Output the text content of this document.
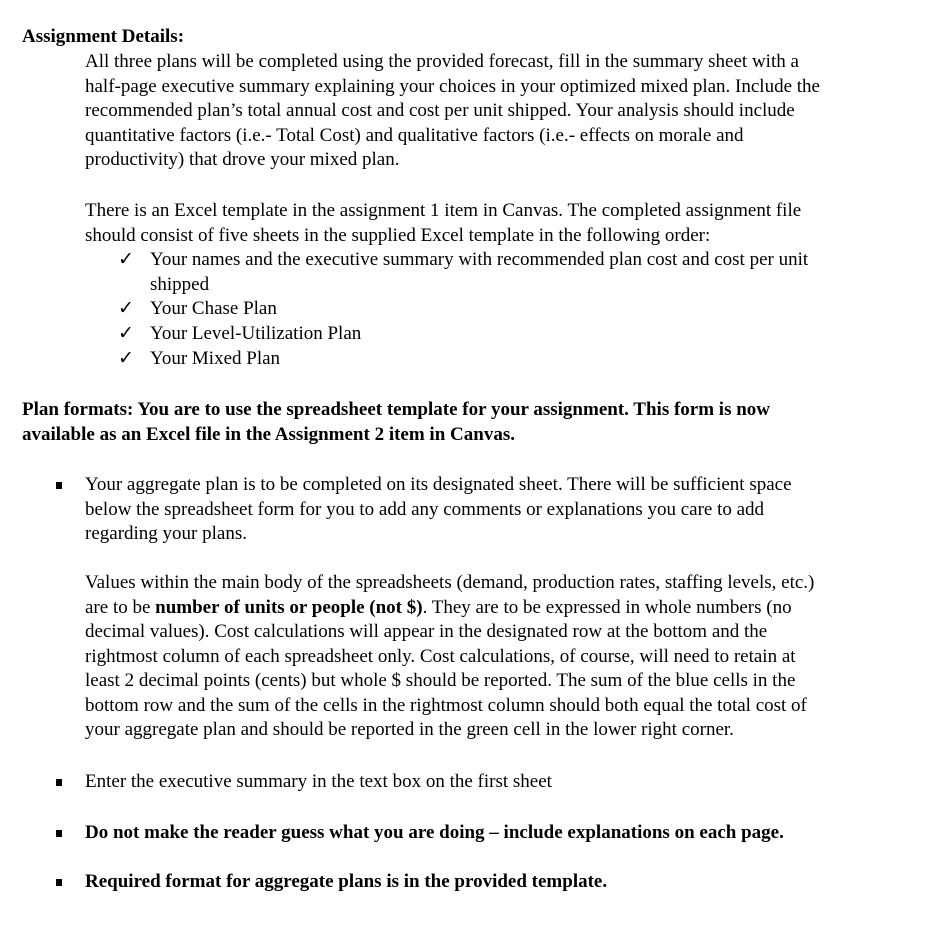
Assignment Details:
All three plans will be completed using the provided forecast, fill in the summary sheet with a
half-page executive summary explaining your choices in your optimized mixed plan. Include the
recommended plan’s total annual cost and cost per unit shipped. Your analysis should include
quantitative factors (i.e.- Total Cost) and qualitative factors (i.e.- effects on morale and
productivity) that drove your mixed plan.
There is an Excel template in the assignment 1 item in Canvas. The completed assignment file
should consist of five sheets in the supplied Excel template in the following order:
✓ Your names and the executive summary with recommended plan cost and cost per unit
shipped
✓ Your Chase Plan
✓ Your Level-Utilization Plan
✓ Your Mixed Plan
Plan formats: You are to use the spreadsheet template for your assignment. This form is now
available as an Excel file in the Assignment 2 item in Canvas.
Your aggregate plan is to be completed on its designated sheet. There will be sufficient space
below the spreadsheet form for you to add any comments or explanations you care to add
regarding your plans.
Values within the main body of the spreadsheets (demand, production rates, staffing levels, etc.)
are to be number of units or people (not $). They are to be expressed in whole numbers (no
decimal values). Cost calculations will appear in the designated row at the bottom and the
rightmost column of each spreadsheet only. Cost calculations, of course, will need to retain at
least 2 decimal points (cents) but whole $ should be reported. The sum of the blue cells in the
bottom row and the sum of the cells in the rightmost column should both equal the total cost of
your aggregate plan and should be reported in the green cell in the lower right corner.
Enter the executive summary in the text box on the first sheet
Do not make the reader guess what you are doing – include explanations on each page.
Required format for aggregate plans is in the provided template.
